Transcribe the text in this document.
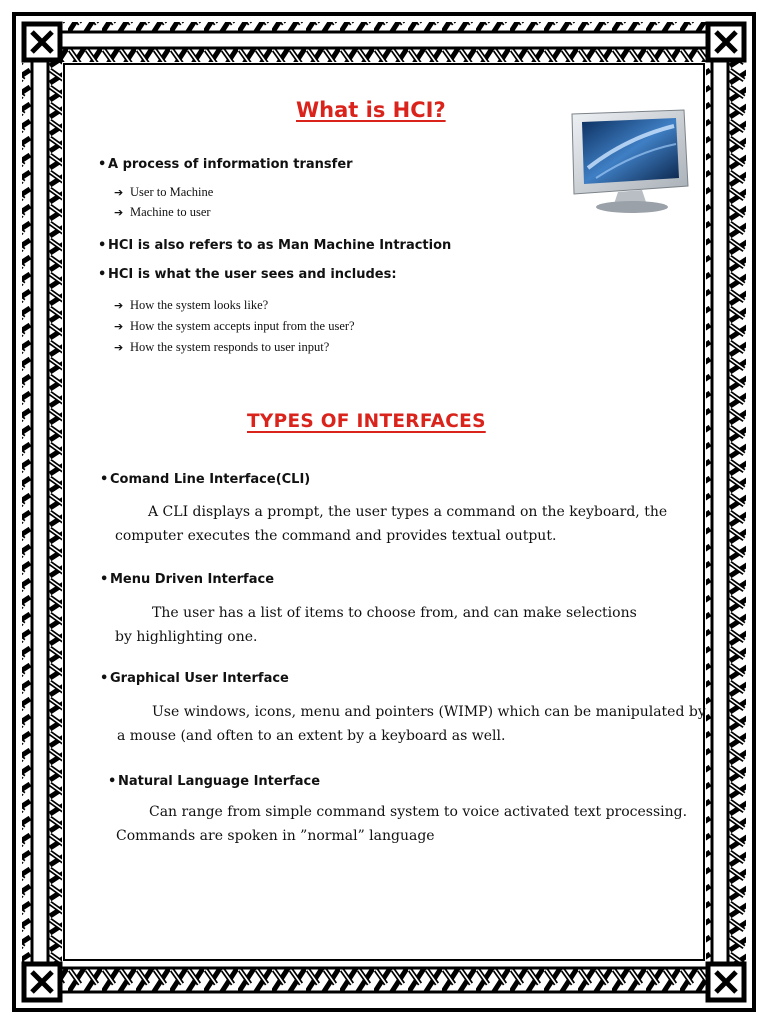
What is HCI?
• A process of information transfer
➔ User to Machine
➔ Machine to user
• HCI is also refers to as Man Machine Intraction
• HCI is what the user sees and includes:
➔ How the system looks like?
➔ How the system accepts input from the user?
➔ How the system responds to user input?
TYPES OF INTERFACES
• Comand Line Interface(CLI)
A CLI displays a prompt, the user types a command on the keyboard, the
computer executes the command and provides textual output.
• Menu Driven Interface
The user has a list of items to choose from, and can make selections
by highlighting one.
• Graphical User Interface
Use windows, icons, menu and pointers (WIMP) which can be manipulated by
a mouse (and often to an extent by a keyboard as well.
• Natural Language Interface
Can range from simple command system to voice activated text processing.
Commands are spoken in ”normal” language
